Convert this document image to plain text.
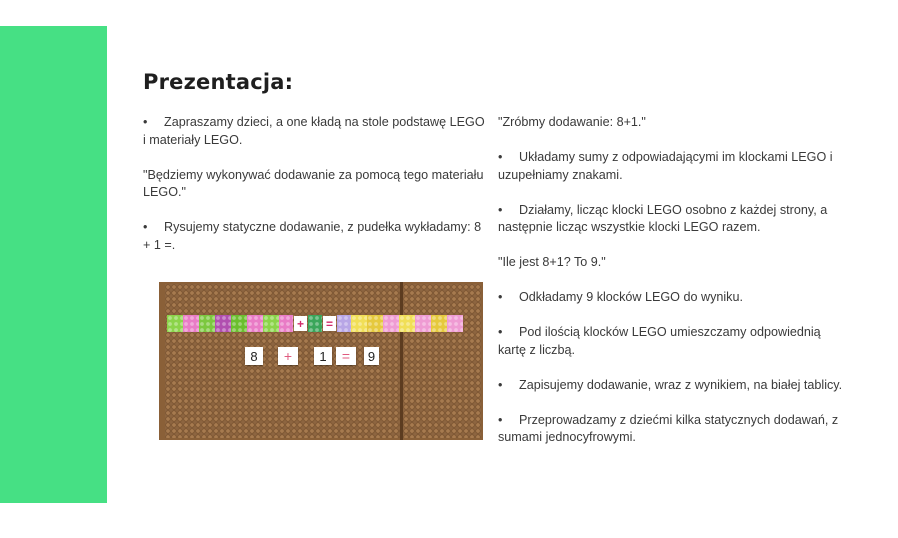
Prezentacja:

• Zapraszamy dzieci, a one kładą na stole podstawę LEGO i materiały LEGO.

"Będziemy wykonywać dodawanie za pomocą tego materiału LEGO."

• Rysujemy statyczne dodawanie, z pudełka wykładamy: 8 + 1 =.

"Zróbmy dodawanie: 8+1."

• Układamy sumy z odpowiadającymi im klockami LEGO i uzupełniamy znakami.

• Działamy, licząc klocki LEGO osobno z każdej strony, a następnie licząc wszystkie klocki LEGO razem.

"Ile jest 8+1? To 9."

• Odkładamy 9 klocków LEGO do wyniku.

• Pod ilością klocków LEGO umieszczamy odpowiednią kartę z liczbą.

• Zapisujemy dodawanie, wraz z wynikiem, na białej tablicy.

• Przeprowadzamy z dziećmi kilka statycznych dodawań, z sumami jednocyfrowymi.

+ =
8	+	1	=	9
